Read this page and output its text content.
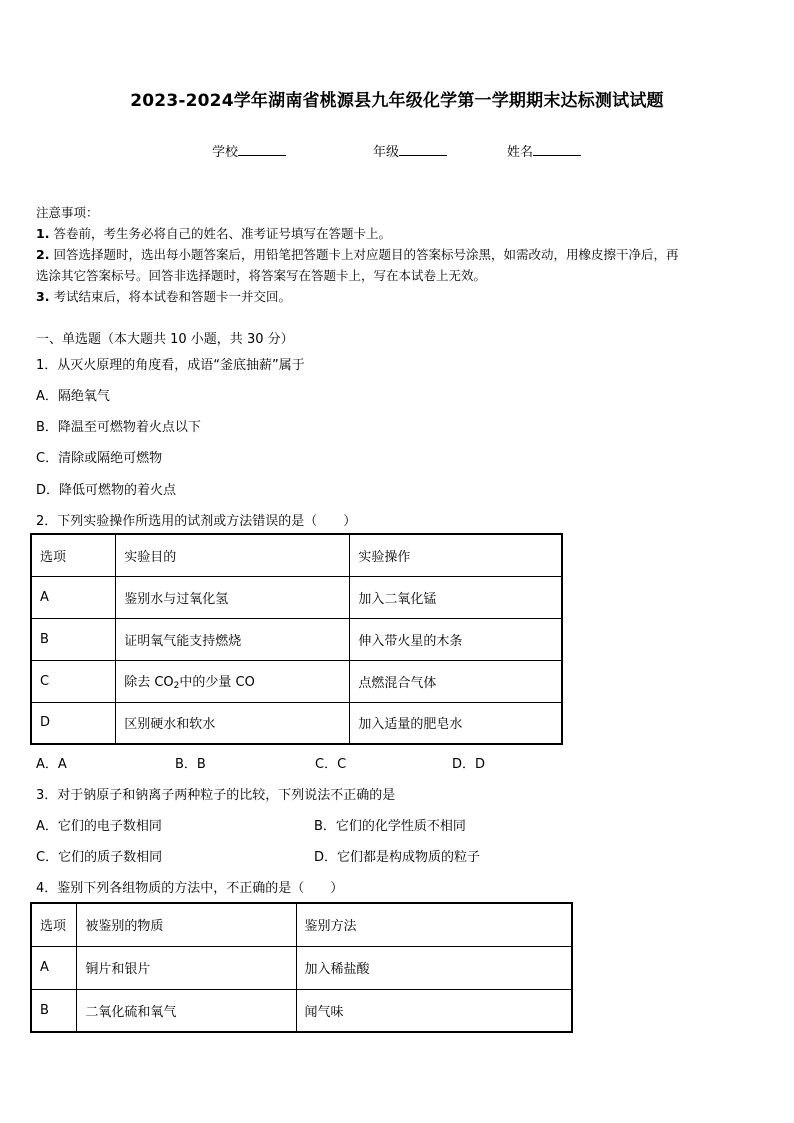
2023-2024学年湖南省桃源县九年级化学第一学期期末达标测试试题
学校	年级	姓名
注意事项：
1. 答卷前，考生务必将自己的姓名、准考证号填写在答题卡上。
2. 回答选择题时，选出每小题答案后，用铅笔把答题卡上对应题目的答案标号涂黑，如需改动，用橡皮擦干净后，再
选涂其它答案标号。回答非选择题时，将答案写在答题卡上，写在本试卷上无效。
3. 考试结束后，将本试卷和答题卡一并交回。
一、单选题（本大题共 10 小题，共 30 分）
1．从灭火原理的角度看，成语“釜底抽薪”属于
A．隔绝氧气
B．降温至可燃物着火点以下
C．清除或隔绝可燃物
D．降低可燃物的着火点
2．下列实验操作所选用的试剂或方法错误的是（　　）
选项	实验目的	实验操作
A	鉴别水与过氧化氢	加入二氧化锰
B	证明氧气能支持燃烧	伸入带火星的木条
C	除去 $CO_2$中的少量 CO	点燃混合气体
D	区别硬水和软水	加入适量的肥皂水
A．A	B．B	C．C	D．D
3．对于钠原子和钠离子两种粒子的比较，下列说法不正确的是
A．它们的电子数相同	B．它们的化学性质不相同
C．它们的质子数相同	D．它们都是构成物质的粒子
4．鉴别下列各组物质的方法中，不正确的是（　　）
选项	被鉴别的物质	鉴别方法
A	铜片和银片	加入稀盐酸
B	二氧化硫和氧气	闻气味
